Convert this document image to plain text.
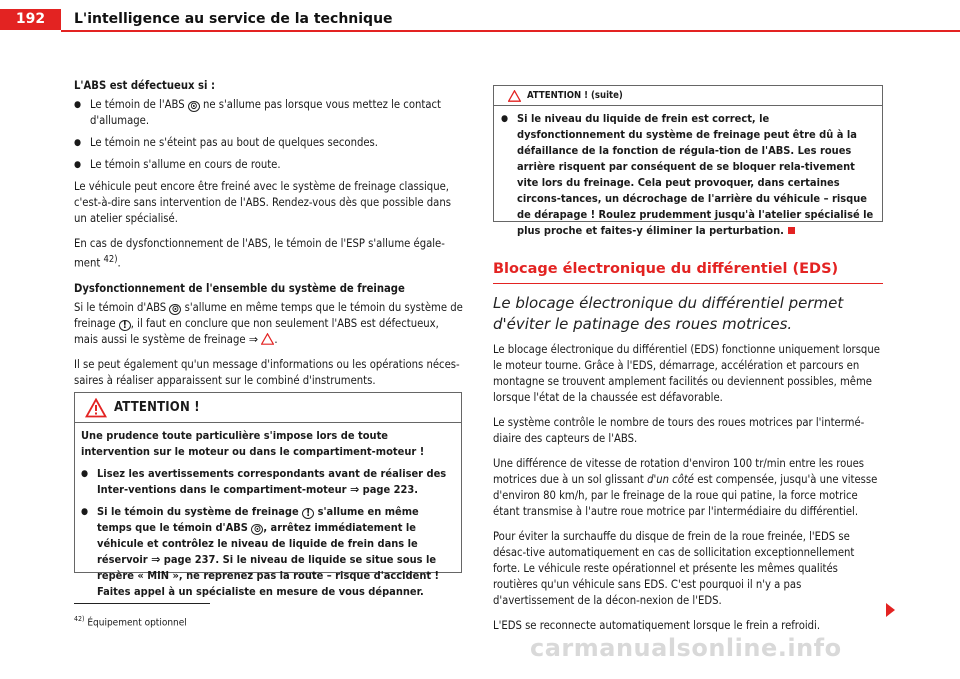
192	L'intelligence au service de la technique

L'ABS est défectueux si :

● Le témoin de l'ABS ⊙ ne s'allume pas lorsque vous mettez le contact d'allumage.
● Le témoin ne s'éteint pas au bout de quelques secondes.
● Le témoin s'allume en cours de route.

Le véhicule peut encore être freiné avec le système de freinage classique, c'est-à-dire sans intervention de l'ABS. Rendez-vous dès que possible dans un atelier spécialisé.

En cas de dysfonctionnement de l'ABS, le témoin de l'ESP s'allume égale-ment $^{42)}$.

Dysfonctionnement de l'ensemble du système de freinage

Si le témoin d'ABS ⊙ s'allume en même temps que le témoin du système de freinage ! , il faut en conclure que non seulement l'ABS est défectueux, mais aussi le système de freinage ⇒ .

Il se peut également qu'un message d'informations ou les opérations néces-saires à réaliser apparaissent sur le combiné d'instruments.

ATTENTION !

Une prudence toute particulière s'impose lors de toute intervention sur le moteur ou dans le compartiment-moteur !

● Lisez les avertissements correspondants avant de réaliser des Inter-ventions dans le compartiment-moteur ⇒ page 223.
● Si le témoin du système de freinage ! s'allume en même temps que le témoin d'ABS ⊙ , arrêtez immédiatement le véhicule et contrôlez le niveau de liquide de frein dans le réservoir ⇒ page 237. Si le niveau de liquide se situe sous le repère « MIN », ne reprenez pas la route – risque d'accident ! Faites appel à un spécialiste en mesure de vous dépanner.
ATTENTION ! (suite)
● Si le niveau du liquide de frein est correct, le dysfonctionnement du système de freinage peut être dû à la défaillance de la fonction de régula-tion de l'ABS. Les roues arrière risquent par conséquent de se bloquer rela-tivement vite lors du freinage. Cela peut provoquer, dans certaines circons-tances, un décrochage de l'arrière du véhicule – risque de dérapage ! Roulez prudemment jusqu'à l'atelier spécialisé le plus proche et faites-y éliminer la perturbation.
Blocage électronique du différentiel (EDS)
Le blocage électronique du différentiel permet d'éviter le patinage des roues motrices.

Le blocage électronique du différentiel (EDS) fonctionne uniquement lorsque le moteur tourne. Grâce à l'EDS, démarrage, accélération et parcours en montagne se trouvent amplement facilités ou deviennent possibles, même lorsque l'état de la chaussée est défavorable.

Le système contrôle le nombre de tours des roues motrices par l'intermé-diaire des capteurs de l'ABS.

Une différence de vitesse de rotation d'environ 100 tr/min entre les roues motrices due à un sol glissant d'un côté est compensée, jusqu'à une vitesse d'environ 80 km/h, par le freinage de la roue qui patine, la force motrice étant transmise à l'autre roue motrice par l'intermédiaire du différentiel.

Pour éviter la surchauffe du disque de frein de la roue freinée, l'EDS se désac-tive automatiquement en cas de sollicitation exceptionnellement forte. Le véhicule reste opérationnel et présente les mêmes qualités routières qu'un véhicule sans EDS. C'est pourquoi il n'y a pas d'avertissement de la décon-nexion de l'EDS.

L'EDS se reconnecte automatiquement lorsque le frein a refroidi.

$^{42)}$ Équipement optionnel
carmanualsonline.info
